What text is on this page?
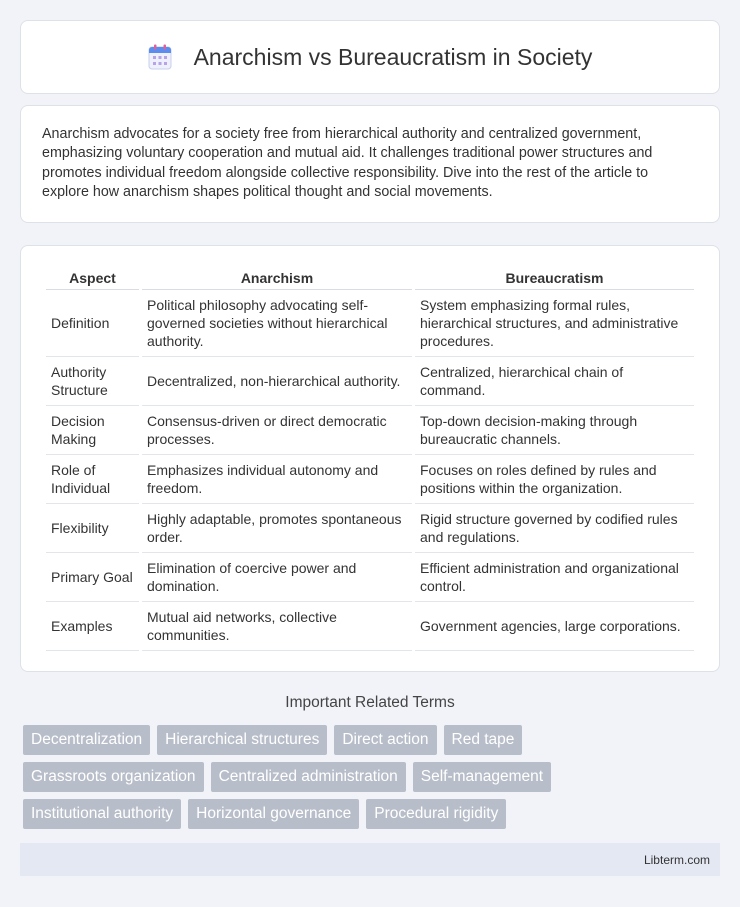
Anarchism vs Bureaucratism in Society

Anarchism advocates for a society free from hierarchical authority and centralized government, emphasizing voluntary cooperation and mutual aid. It challenges traditional power structures and promotes individual freedom alongside collective responsibility. Dive into the rest of the article to explore how anarchism shapes political thought and social movements.

Aspect	Anarchism	Bureaucratism
Definition	Political philosophy advocating self-governed societies without hierarchical authority.	System emphasizing formal rules, hierarchical structures, and administrative procedures.
Authority Structure	Decentralized, non-hierarchical authority.	Centralized, hierarchical chain of command.
Decision Making	Consensus-driven or direct democratic processes.	Top-down decision-making through bureaucratic channels.
Role of Individual	Emphasizes individual autonomy and freedom.	Focuses on roles defined by rules and positions within the organization.
Flexibility	Highly adaptable, promotes spontaneous order.	Rigid structure governed by codified rules and regulations.
Primary Goal	Elimination of coercive power and domination.	Efficient administration and organizational control.
Examples	Mutual aid networks, collective communities.	Government agencies, large corporations.
Important Related Terms
Decentralization	Hierarchical structures	Direct action	Red tape
Grassroots organization	Centralized administration	Self-management
Institutional authority	Horizontal governance	Procedural rigidity
Libterm.com
